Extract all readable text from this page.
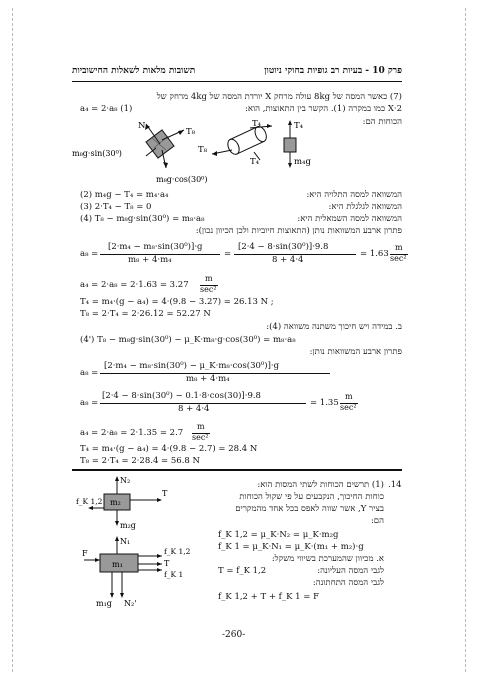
פרק 10 - בעיות רב גופיות בחוקי ניוטון
תשובות מלאות לשאלות החישוביות
(7) כאשר המסה של 8kg עולה מרחק X יורדת המסה של 4kg מרחק של
X·2 כמו במקרה (1). הקשר בין התאוצות, הוא:
a₄ = 2·a₈ (1)
הכוחות הם:
N
T₈
m₈g·sin(30⁰)
m₈g·cos(30⁰)
T₄
T₈
T₄
T₄
m₄g
המשוואה למסה התלויה היא:
(2) m₄g − T₄ = m₄·a₄
המשוואה לגלגלת היא:
(3) 2·T₄ − T₈ = 0
המשוואה למסה השמאלית היא:
(4) T₈ − m₈g·sin(30⁰) = m₈·a₈
פתרון ארבע המשוואות נותן (התאוצות חיוביות ולכן הכיוון נכון):
a₈ =
[2·m₄ − m₈·sin(30⁰)]·g
m₈ + 4·m₄
=
[2·4 − 8·sin(30⁰)]·9.8
8 + 4·4
= 1.63
m
sec²
a₄ = 2·a₈ = 2·1.63 = 3.27
m
sec²
T₄ = m₄·(g − a₄) = 4·(9.8 − 3.27) = 26.13 N ;
T₈ = 2·T₄ = 2·26.12 = 52.27 N
ב. במידה ויש חיכוך משתנה משוואה (4):
(4') T₈ − m₈g·sin(30⁰) − μ_K·m₈·g·cos(30⁰) = m₈·a₈
פתרון ארבע המשוואות נותן:
a₈ =
[2·m₄ − m₈·sin(30⁰) − μ_K·m₈·cos(30⁰)]·g
m₈ + 4·m₄
a₈ =
[2·4 − 8·sin(30⁰) − 0.1·8·cos(30)]·9.8
8 + 4·4
= 1.35
m
sec²
a₄ = 2·a₈ = 2·1.35 = 2.7
m
sec²
T₄ = m₄·(g − a₄) = 4·(9.8 − 2.7) = 28.4 N
T₈ = 2·T₄ = 2·28.4 = 56.8 N
.14
(1) תרשים הכוחות לשתי המסות הוא:
כוחות החיכוך, הנקבעים על פי שקול הכוחות
בציר Y, אשר שווה לאפס בכל אחד מהמקרים
הם:
f_K 1,2 = μ_K·N₂ = μ_K·m₂g
f_K 1 = μ_K·N₁ = μ_K·(m₁ + m₂)·g
א. מכיוון שהמערכת בשיווי משקל:
לגבי המסה העליונה:
T = f_K 1,2
לגבי המסה התחתונה:
f_K 1,2 + T + f_K 1 = F
N₂
T
f_K 1,2 m₂
m₂g
N₁
F	f_K 1,2
T
m₁
f_K 1
m₁g N₂'
-260-
